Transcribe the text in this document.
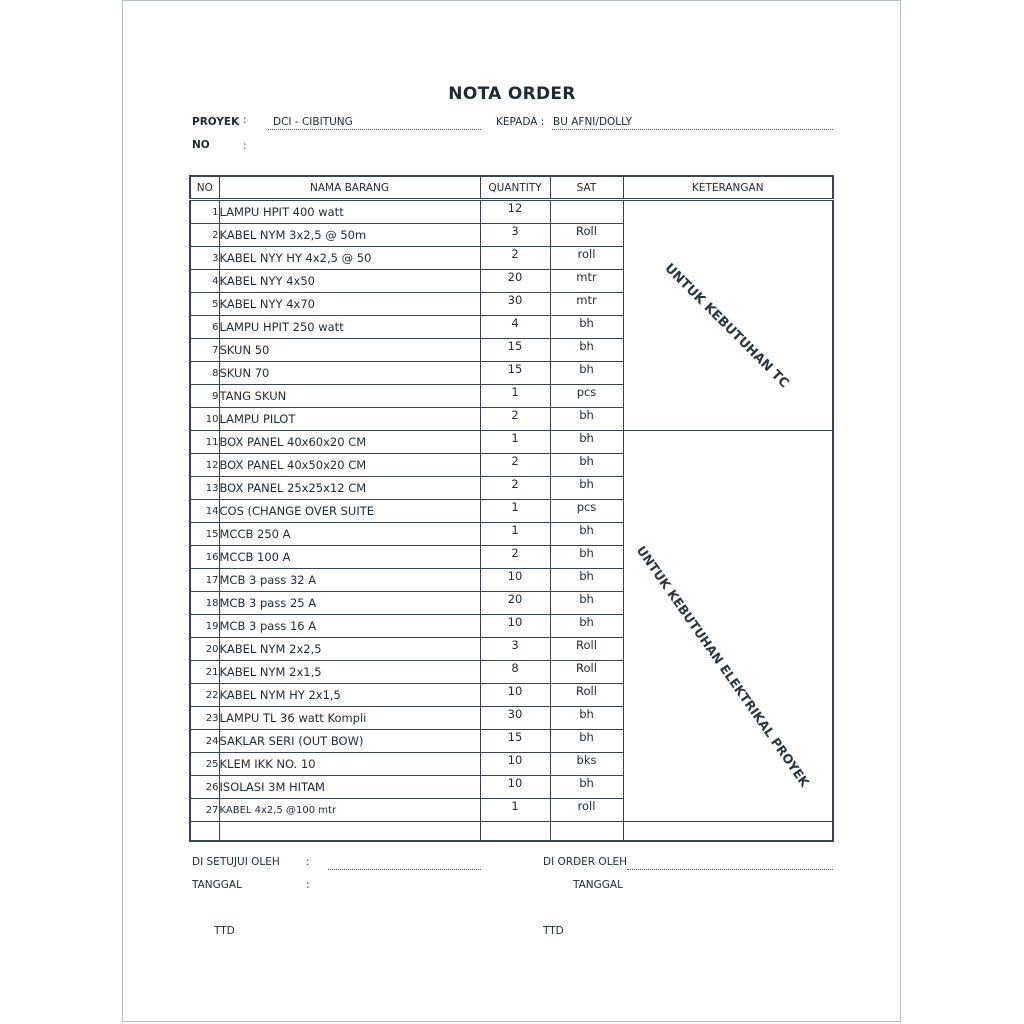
NOTA ORDER
PROYEK :	DCI - CIBITUNG	KEPADA : BU AFNI/DOLLY
NO	:
NO	NAMA BARANG	QUANTITY	SAT	KETERANGAN
1	LAMPU HPIT 400 watt	12		UNTUK KEBUTUHAN TC

2	KABEL NYM 3x2,5 @ 50m	3	Roll	
3	KABEL NYY HY 4x2,5 @ 50	2	roll	
4	KABEL NYY 4x50	20	mtr	
5	KABEL NYY 4x70	30	mtr	
6	LAMPU HPIT 250 watt	4	bh	
7	SKUN 50	15	bh	
8	SKUN 70	15	bh	
9	TANG SKUN	1	pcs	
10	LAMPU PILOT	2	bh	
11	BOX PANEL 40x60x20 CM	1	bh	UNTUK KEBUTUHAN ELEKTRIKAL PROYEK

12	BOX PANEL 40x50x20 CM	2	bh	
13	BOX PANEL 25x25x12 CM	2	bh	
14	COS (CHANGE OVER SUITE	1	pcs	
15	MCCB 250 A	1	bh	
16	MCCB 100 A	2	bh	
17	MCB 3 pass 32 A	10	bh	
18	MCB 3 pass 25 A	20	bh	
19	MCB 3 pass 16 A	10	bh	
20	KABEL NYM 2x2,5	3	Roll	
21	KABEL NYM 2x1,5	8	Roll	
22	KABEL NYM HY 2x1,5	10	Roll	
23	LAMPU TL 36 watt Kompli	30	bh	
24	SAKLAR SERI (OUT BOW)	15	bh	
25	KLEM IKK NO. 10	10	bks	
26	ISOLASI 3M HITAM	10	bh	
27	KABEL 4x2,5 @100 mtr	1	roll	

DI SETUJUI OLEH :
TANGGAL	:
DI ORDER OLEH
TANGGAL
TTD	TTD
